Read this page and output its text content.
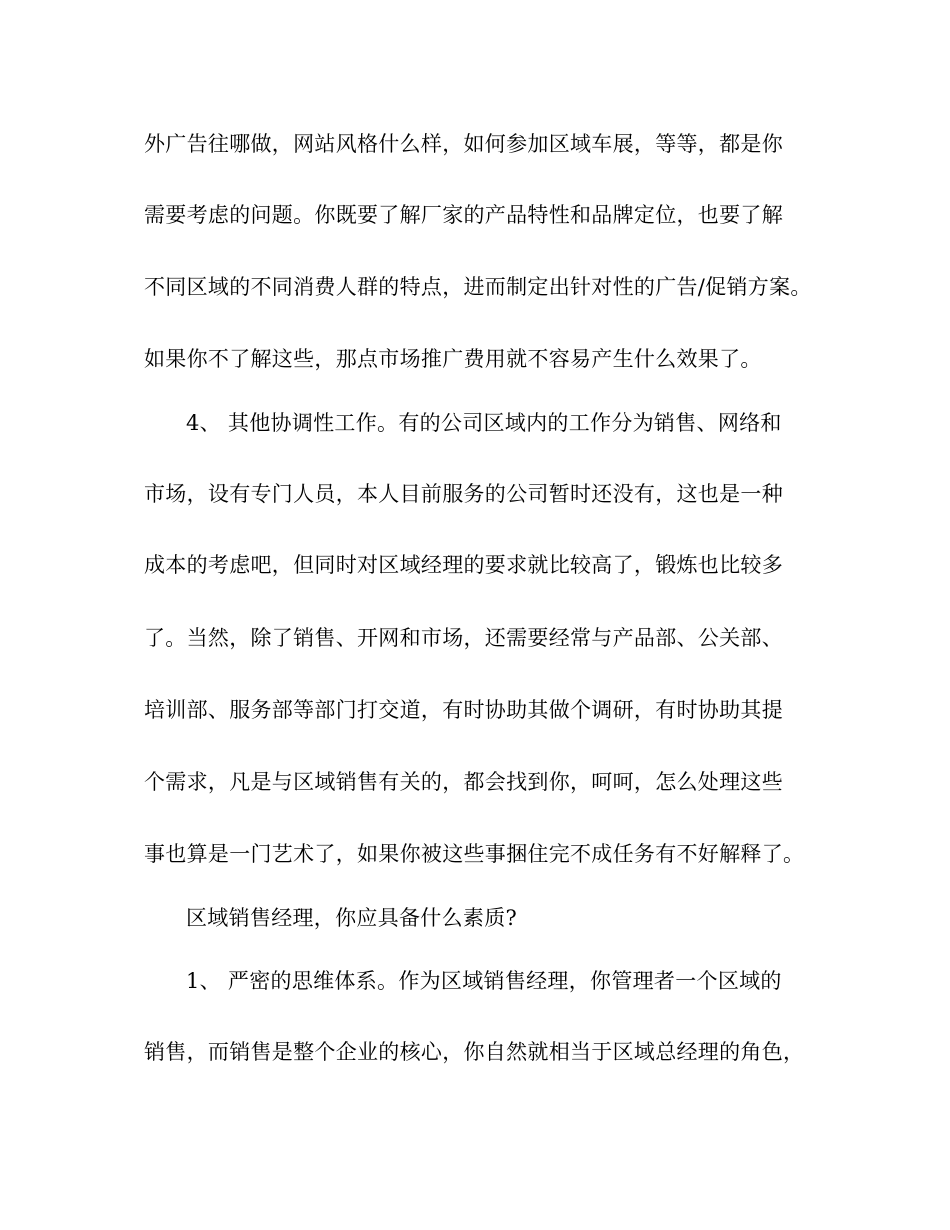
外广告往哪做，网站风格什么样，如何参加区域车展，等等，都是你
需要考虑的问题。你既要了解厂家的产品特性和品牌定位，也要了解
不同区域的不同消费人群的特点，进而制定出针对性的广告/促销方案。
如果你不了解这些，那点市场推广费用就不容易产生什么效果了。
4、 其他协调性工作。有的公司区域内的工作分为销售、网络和
市场，设有专门人员，本人目前服务的公司暂时还没有，这也是一种
成本的考虑吧，但同时对区域经理的要求就比较高了，锻炼也比较多
了。当然，除了销售、开网和市场，还需要经常与产品部、公关部、
培训部、服务部等部门打交道，有时协助其做个调研，有时协助其提
个需求，凡是与区域销售有关的，都会找到你，呵呵，怎么处理这些
事也算是一门艺术了，如果你被这些事捆住完不成任务有不好解释了。
区域销售经理，你应具备什么素质?
1、 严密的思维体系。作为区域销售经理，你管理者一个区域的
销售，而销售是整个企业的核心，你自然就相当于区域总经理的角色，
